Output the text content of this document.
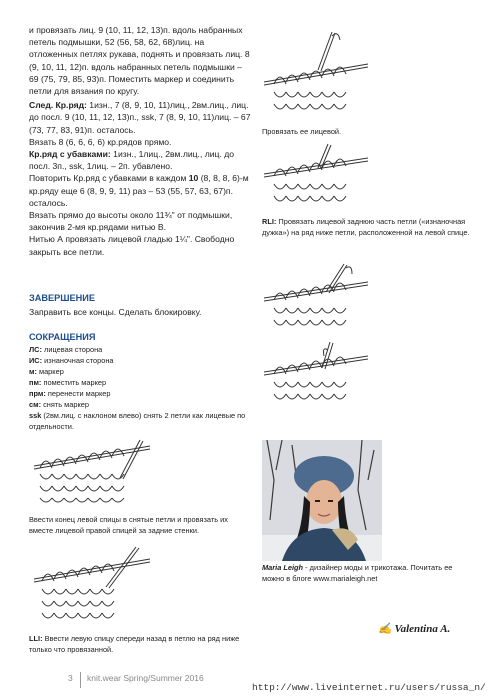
и провязать лиц. 9 (10, 11, 12, 13)п. вдоль набранных петель подмышки, 52 (56, 58, 62, 68)лиц. на отложенных петлях рукава, поднять и провязать лиц. 8 (9, 10, 11, 12)п. вдоль набранных петель подмышки – 69 (75, 79, 85, 93)п. Поместить маркер и соединить петли для вязания по кругу.

След. Кр.ряд: 1изн., 7 (8, 9, 10, 11)лиц., 2вм.лиц., лиц. до посл. 9 (10, 11, 12, 13)п., ssk, 7 (8, 9, 10, 11)лиц. – 67 (73, 77, 83, 91)п. осталось.

Вязать 8 (6, 6, 6, 6) кр.рядов прямо.

Кр.ряд с убавками: 1изн., 1лиц., 2вм.лиц., лиц. до посл. 3п., ssk, 1лиц. – 2п. убавлено.

Повторить Кр.ряд с убавками в каждом 10 (8, 8, 8, 6)-м кр.ряду еще 6 (8, 9, 9, 11) раз – 53 (55, 57, 63, 67)п. осталось.

Вязать прямо до высоты около 11¾" от подмышки, закончив 2-мя кр.рядами нитью В.

Нитью А провязать лицевой гладью 1¼". Свободно закрыть все петли.

ЗАВЕРШЕНИЕ
Заправить все концы. Сделать блокировку.
СОКРАЩЕНИЯ
ЛС: лицевая сторона
ИС: изнаночная сторона
м: маркер
пм: поместить маркер
прм: перенести маркер
см: снять маркер
ssk (2вм.лиц. с наклоном влево) снять 2 петли как лицевые по отдельности.
Ввести конец левой спицы в снятые петли и провязать их вместе лицевой правой спицей за задние стенки.
LLI: Ввести левую спицу спереди назад в петлю на ряд ниже только что провязанной.
Провязать ее лицевой.
RLI: Провязать лицевой заднюю часть петли («изнаночная дужка») на ряд ниже петли, расположенной на левой спице.
Maria Leigh - дизайнер моды и трикотажа. Почитать ее можно в блоге www.marialeigh.net
✍ Valentina A.
3 knit.wear Spring/Summer 2016
http://www.liveinternet.ru/users/russa_n/
